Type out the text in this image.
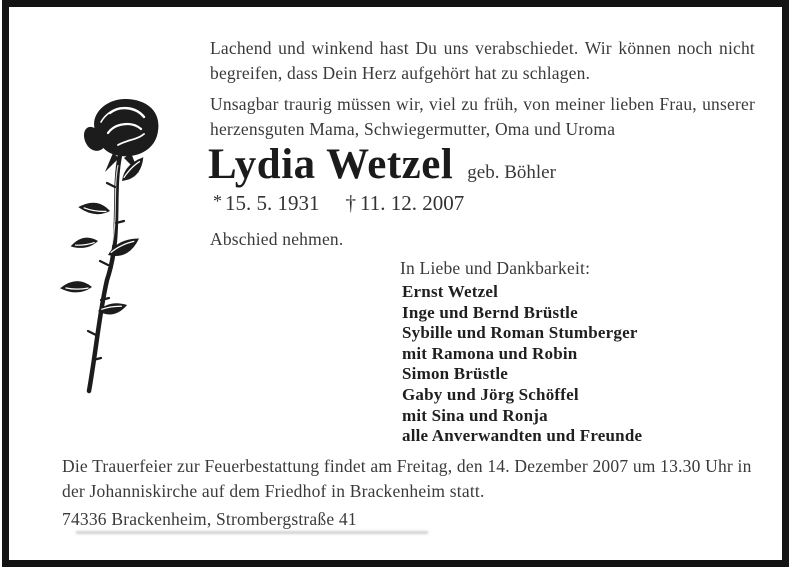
Lachend und winkend hast Du uns verabschiedet. Wir können noch nicht begreifen, dass Dein Herz aufgehört hat zu schlagen.
Unsagbar traurig müssen wir, viel zu früh, von meiner lieben Frau, unserer herzensguten Mama, Schwiegermutter, Oma und Uroma
Lydia Wetzel geb. Böhler
* 15. 5. 1931 † 11. 12. 2007
Abschied nehmen.
In Liebe und Dankbarkeit:
Ernst Wetzel
Inge und Bernd Brüstle
Sybille und Roman Stumberger
mit Ramona und Robin
Simon Brüstle
Gaby und Jörg Schöffel
mit Sina und Ronja
alle Anverwandten und Freunde
Die Trauerfeier zur Feuerbestattung findet am Freitag, den 14. Dezember 2007 um 13.30 Uhr in der Johanniskirche auf dem Friedhof in Brackenheim statt.
74336 Brackenheim, Strombergstraße 41
